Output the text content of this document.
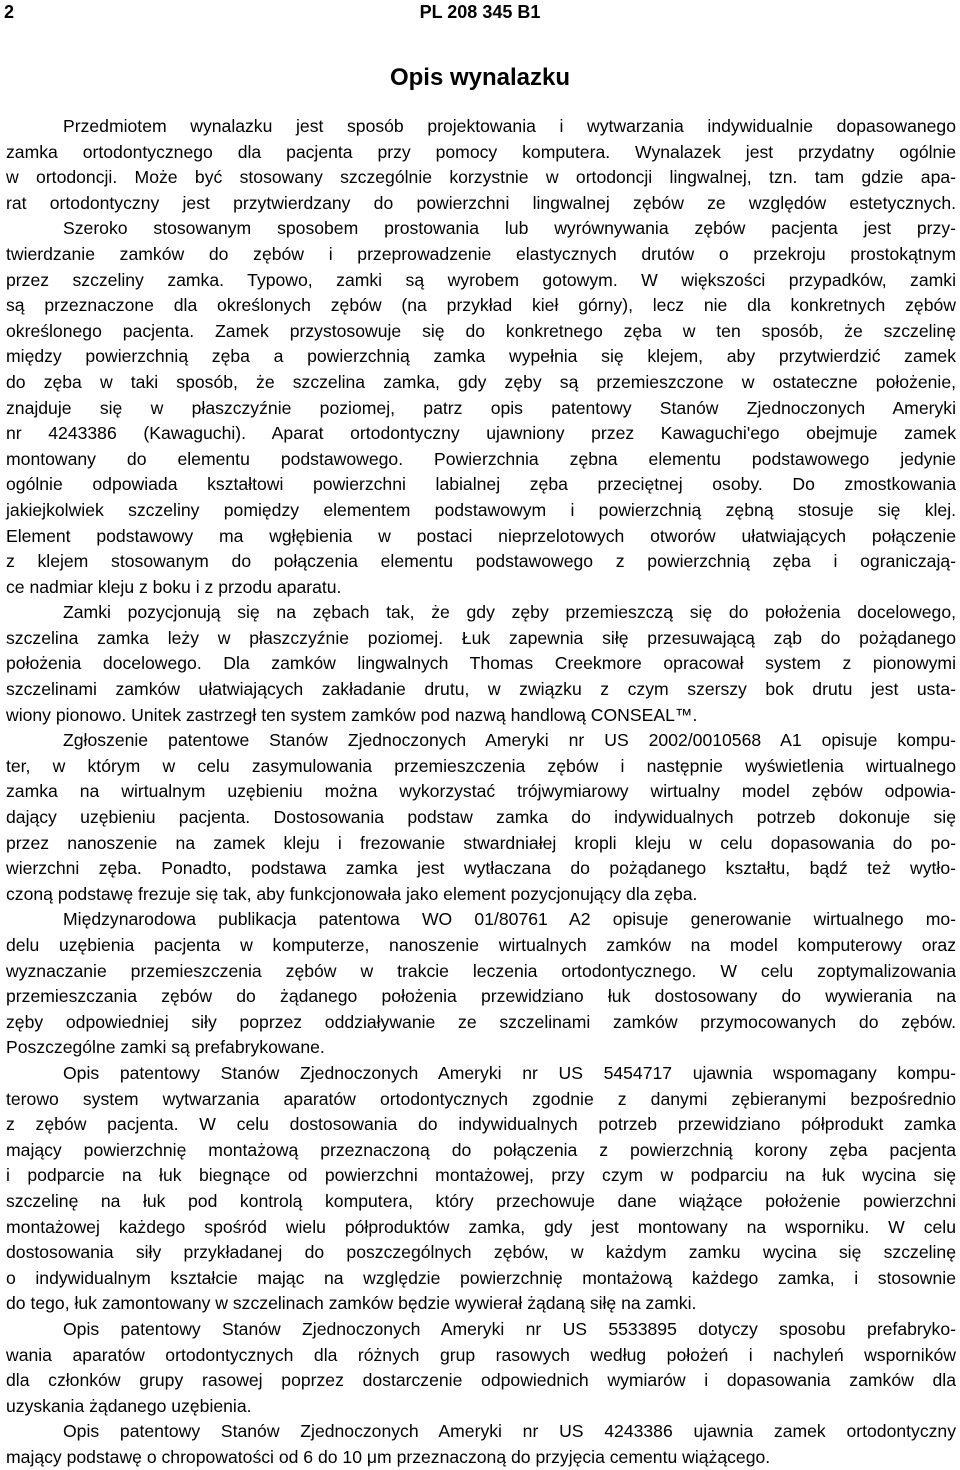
2	PL 208 345 B1
Opis wynalazku
Przedmiotem wynalazku jest sposób projektowania i wytwarzania indywidualnie dopasowanego
zamka ortodontycznego dla pacjenta przy pomocy komputera. Wynalazek jest przydatny ogólnie
w ortodoncji. Może być stosowany szczególnie korzystnie w ortodoncji lingwalnej, tzn. tam gdzie apa-
rat ortodontyczny jest przytwierdzany do powierzchni lingwalnej zębów ze względów estetycznych.
Szeroko stosowanym sposobem prostowania lub wyrównywania zębów pacjenta jest przy-
twierdzanie zamków do zębów i przeprowadzenie elastycznych drutów o przekroju prostokątnym
przez szczeliny zamka. Typowo, zamki są wyrobem gotowym. W większości przypadków, zamki
są przeznaczone dla określonych zębów (na przykład kieł górny), lecz nie dla konkretnych zębów
określonego pacjenta. Zamek przystosowuje się do konkretnego zęba w ten sposób, że szczelinę
między powierzchnią zęba a powierzchnią zamka wypełnia się klejem, aby przytwierdzić zamek
do zęba w taki sposób, że szczelina zamka, gdy zęby są przemieszczone w ostateczne położenie,
znajduje się w płaszczyźnie poziomej, patrz opis patentowy Stanów Zjednoczonych Ameryki
nr 4243386 (Kawaguchi). Aparat ortodontyczny ujawniony przez Kawaguchi'ego obejmuje zamek
montowany do elementu podstawowego. Powierzchnia zębna elementu podstawowego jedynie
ogólnie odpowiada kształtowi powierzchni labialnej zęba przeciętnej osoby. Do zmostkowania
jakiejkolwiek szczeliny pomiędzy elementem podstawowym i powierzchnią zębną stosuje się klej.
Element podstawowy ma wgłębienia w postaci nieprzelotowych otworów ułatwiających połączenie
z klejem stosowanym do połączenia elementu podstawowego z powierzchnią zęba i ograniczają-
ce nadmiar kleju z boku i z przodu aparatu.
Zamki pozycjonują się na zębach tak, że gdy zęby przemieszczą się do położenia docelowego,
szczelina zamka leży w płaszczyźnie poziomej. Łuk zapewnia siłę przesuwającą ząb do pożądanego
położenia docelowego. Dla zamków lingwalnych Thomas Creekmore opracował system z pionowymi
szczelinami zamków ułatwiających zakładanie drutu, w związku z czym szerszy bok drutu jest usta-
wiony pionowo. Unitek zastrzegł ten system zamków pod nazwą handlową CONSEAL™.
Zgłoszenie patentowe Stanów Zjednoczonych Ameryki nr US 2002/0010568 A1 opisuje kompu-
ter, w którym w celu zasymulowania przemieszczenia zębów i następnie wyświetlenia wirtualnego
zamka na wirtualnym uzębieniu można wykorzystać trójwymiarowy wirtualny model zębów odpowia-
dający uzębieniu pacjenta. Dostosowania podstaw zamka do indywidualnych potrzeb dokonuje się
przez nanoszenie na zamek kleju i frezowanie stwardniałej kropli kleju w celu dopasowania do po-
wierzchni zęba. Ponadto, podstawa zamka jest wytłaczana do pożądanego kształtu, bądź też wytło-
czoną podstawę frezuje się tak, aby funkcjonowała jako element pozycjonujący dla zęba.
Międzynarodowa publikacja patentowa WO 01/80761 A2 opisuje generowanie wirtualnego mo-
delu uzębienia pacjenta w komputerze, nanoszenie wirtualnych zamków na model komputerowy oraz
wyznaczanie przemieszczenia zębów w trakcie leczenia ortodontycznego. W celu zoptymalizowania
przemieszczania zębów do żądanego położenia przewidziano łuk dostosowany do wywierania na
zęby odpowiedniej siły poprzez oddziaływanie ze szczelinami zamków przymocowanych do zębów.
Poszczególne zamki są prefabrykowane.
Opis patentowy Stanów Zjednoczonych Ameryki nr US 5454717 ujawnia wspomagany kompu-
terowo system wytwarzania aparatów ortodontycznych zgodnie z danymi zębieranymi bezpośrednio
z zębów pacjenta. W celu dostosowania do indywidualnych potrzeb przewidziano półprodukt zamka
mający powierzchnię montażową przeznaczoną do połączenia z powierzchnią korony zęba pacjenta
i podparcie na łuk biegnące od powierzchni montażowej, przy czym w podparciu na łuk wycina się
szczelinę na łuk pod kontrolą komputera, który przechowuje dane wiążące położenie powierzchni
montażowej każdego spośród wielu półproduktów zamka, gdy jest montowany na wsporniku. W celu
dostosowania siły przykładanej do poszczególnych zębów, w każdym zamku wycina się szczelinę
o indywidualnym kształcie mając na względzie powierzchnię montażową każdego zamka, i stosownie
do tego, łuk zamontowany w szczelinach zamków będzie wywierał żądaną siłę na zamki.
Opis patentowy Stanów Zjednoczonych Ameryki nr US 5533895 dotyczy sposobu prefabryko-
wania aparatów ortodontycznych dla różnych grup rasowych według położeń i nachyleń wsporników
dla członków grupy rasowej poprzez dostarczenie odpowiednich wymiarów i dopasowania zamków dla
uzyskania żądanego uzębienia.
Opis patentowy Stanów Zjednoczonych Ameryki nr US 4243386 ujawnia zamek ortodontyczny
mający podstawę o chropowatości od 6 do 10 μm przeznaczoną do przyjęcia cementu wiążącego.
